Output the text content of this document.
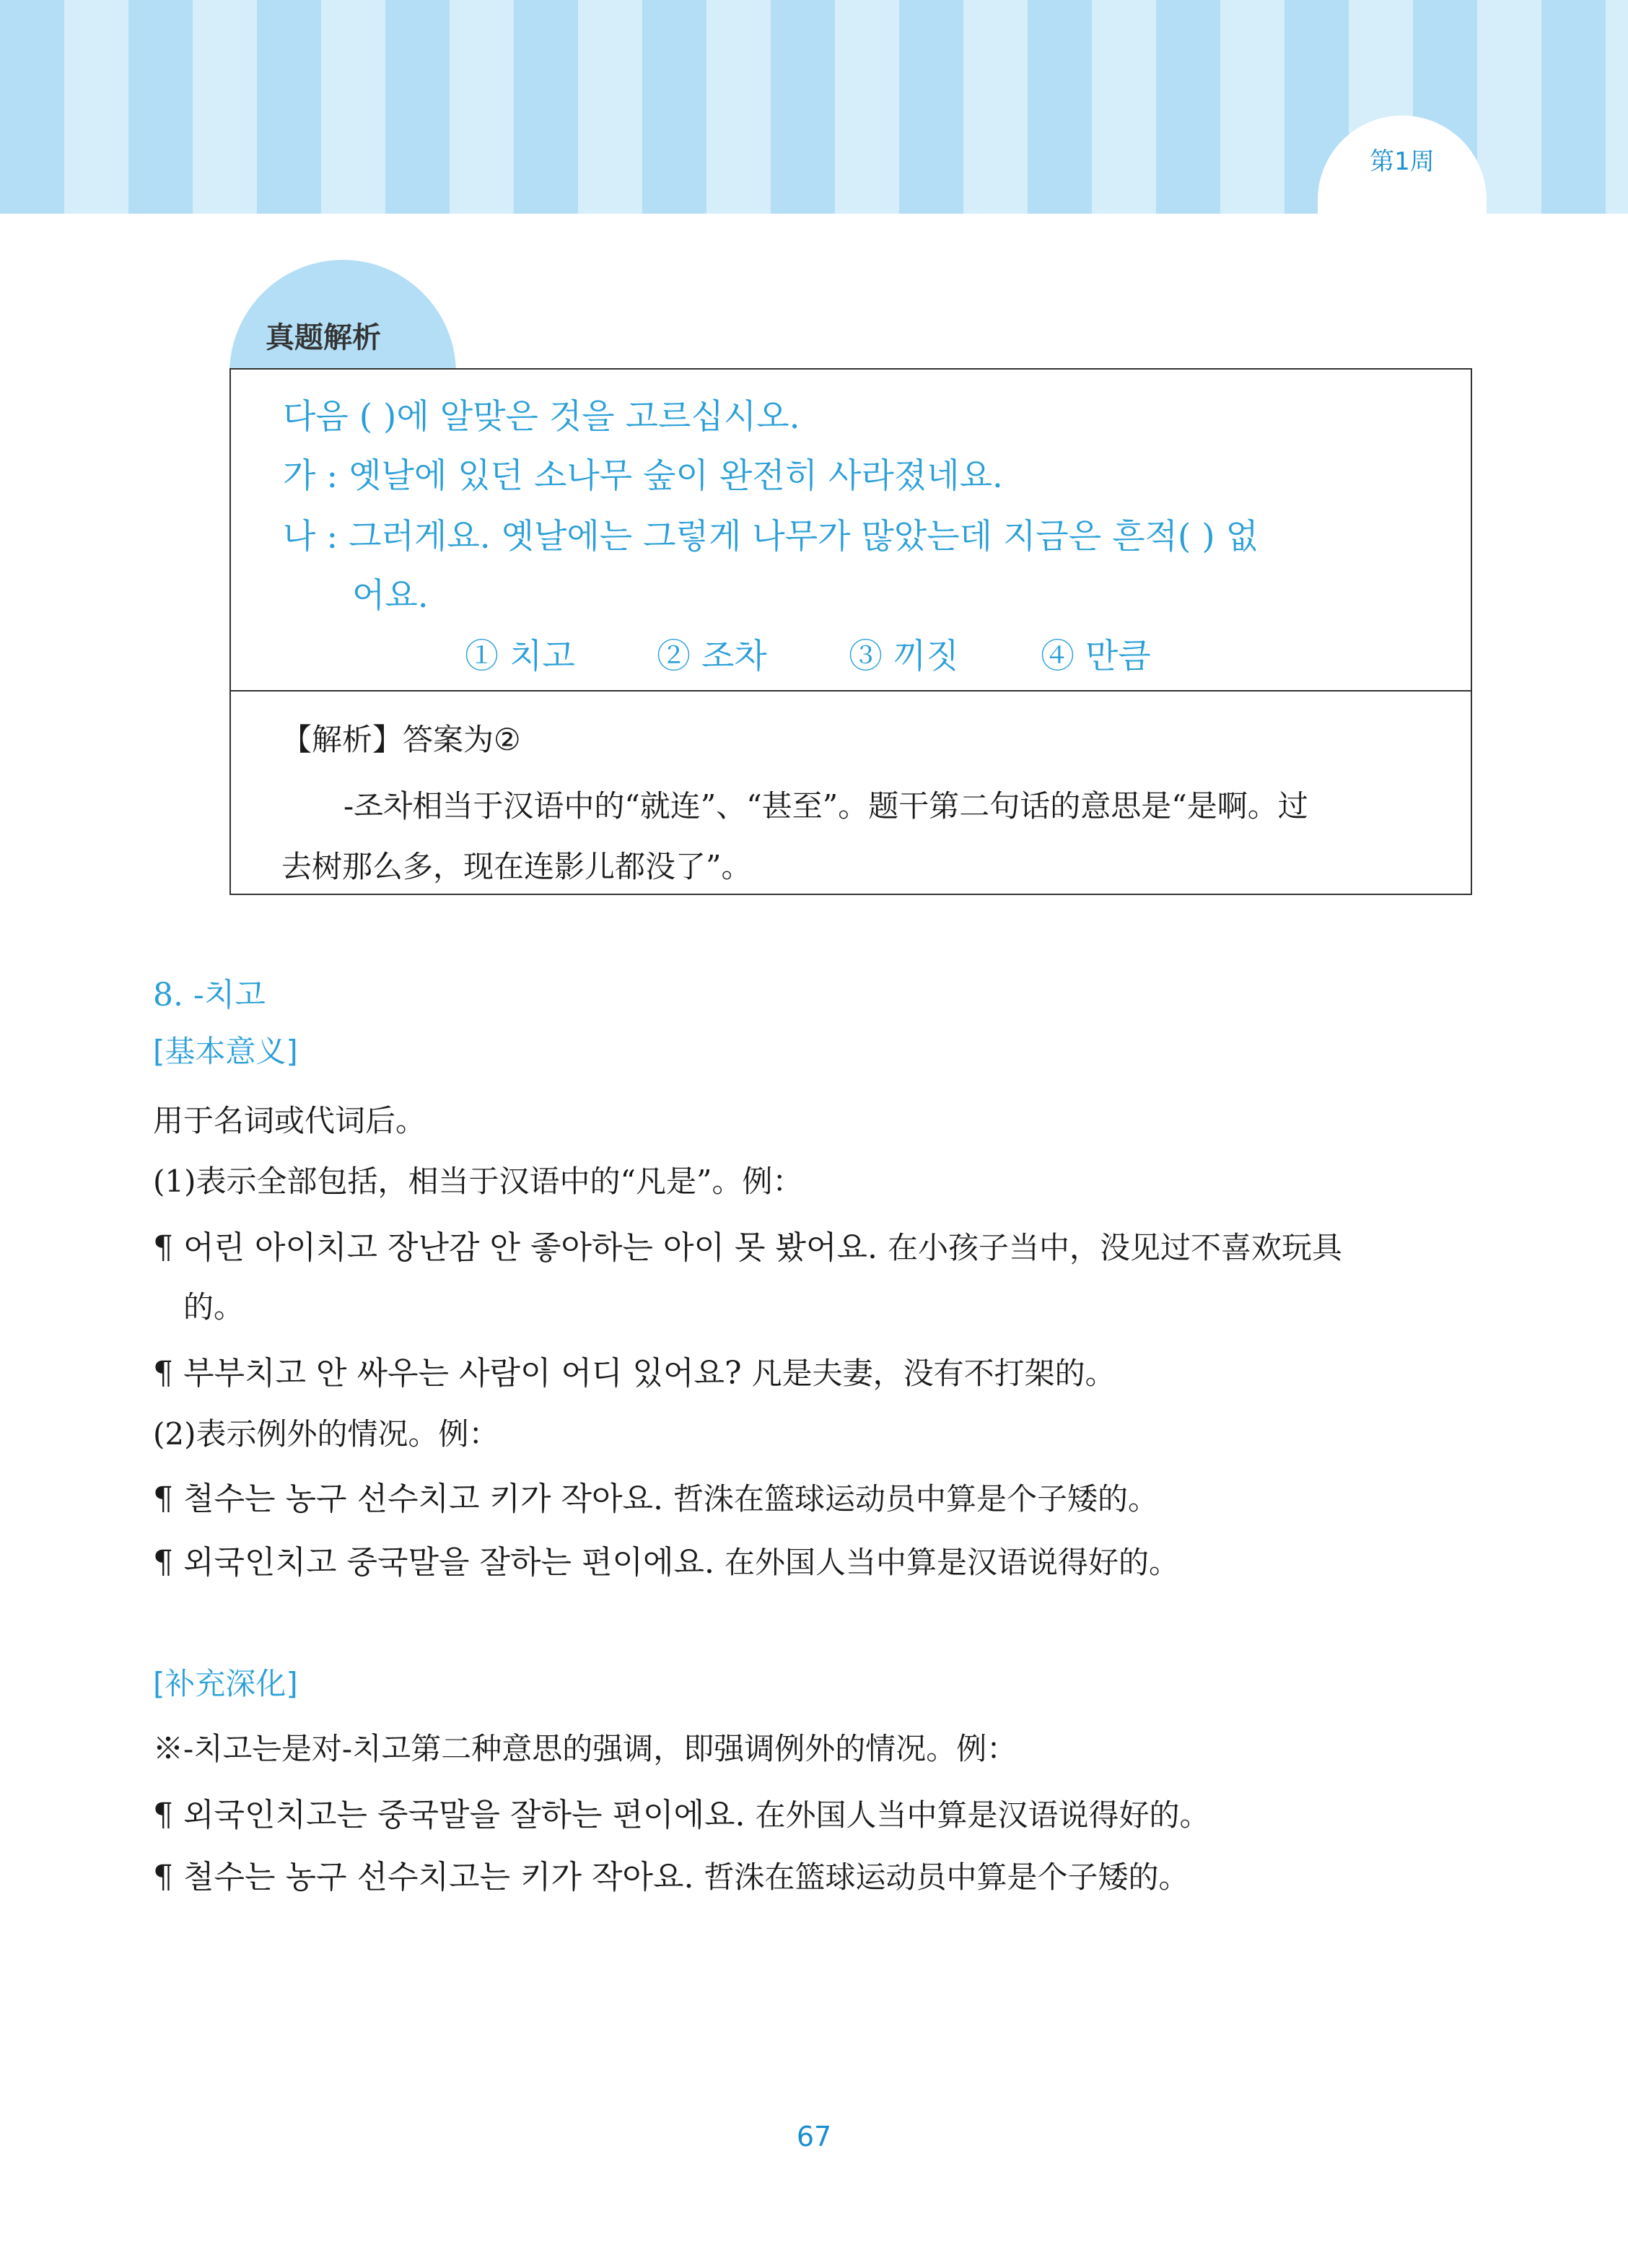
第1周
真题解析
다음 ( )에 알맞은 것을 고르십시오.
가 : 옛날에 있던 소나무 숲이 완전히 사라졌네요.
나 : 그러게요. 옛날에는 그렇게 나무가 많았는데 지금은 흔적( ) 없
어요.
① 치고 ② 조차 ③ 끼짓 ④ 만큼
【解析】答案为②
-조차相当于汉语中的“就连”、“甚至”。题干第二句话的意思是“是啊。过
去树那么多，现在连影儿都没了”。
8. -치고
[基本意义]
用于名词或代词后。
(1)表示全部包括，相当于汉语中的“凡是”。例：
¶ 어린 아이치고 장난감 안 좋아하는 아이 못 봤어요. 在小孩子当中，没见过不喜欢玩具
的。
¶ 부부치고 안 싸우는 사람이 어디 있어요? 凡是夫妻，没有不打架的。
(2)表示例外的情况。例：
¶ 철수는 농구 선수치고 키가 작아요. 哲洙在篮球运动员中算是个子矮的。
¶ 외국인치고 중국말을 잘하는 편이에요. 在外国人当中算是汉语说得好的。
[补充深化]
※-치고는是对-치고第二种意思的强调，即强调例外的情况。例：
¶ 외국인치고는 중국말을 잘하는 편이에요. 在外国人当中算是汉语说得好的。
¶ 철수는 농구 선수치고는 키가 작아요. 哲洙在篮球运动员中算是个子矮的。
67
